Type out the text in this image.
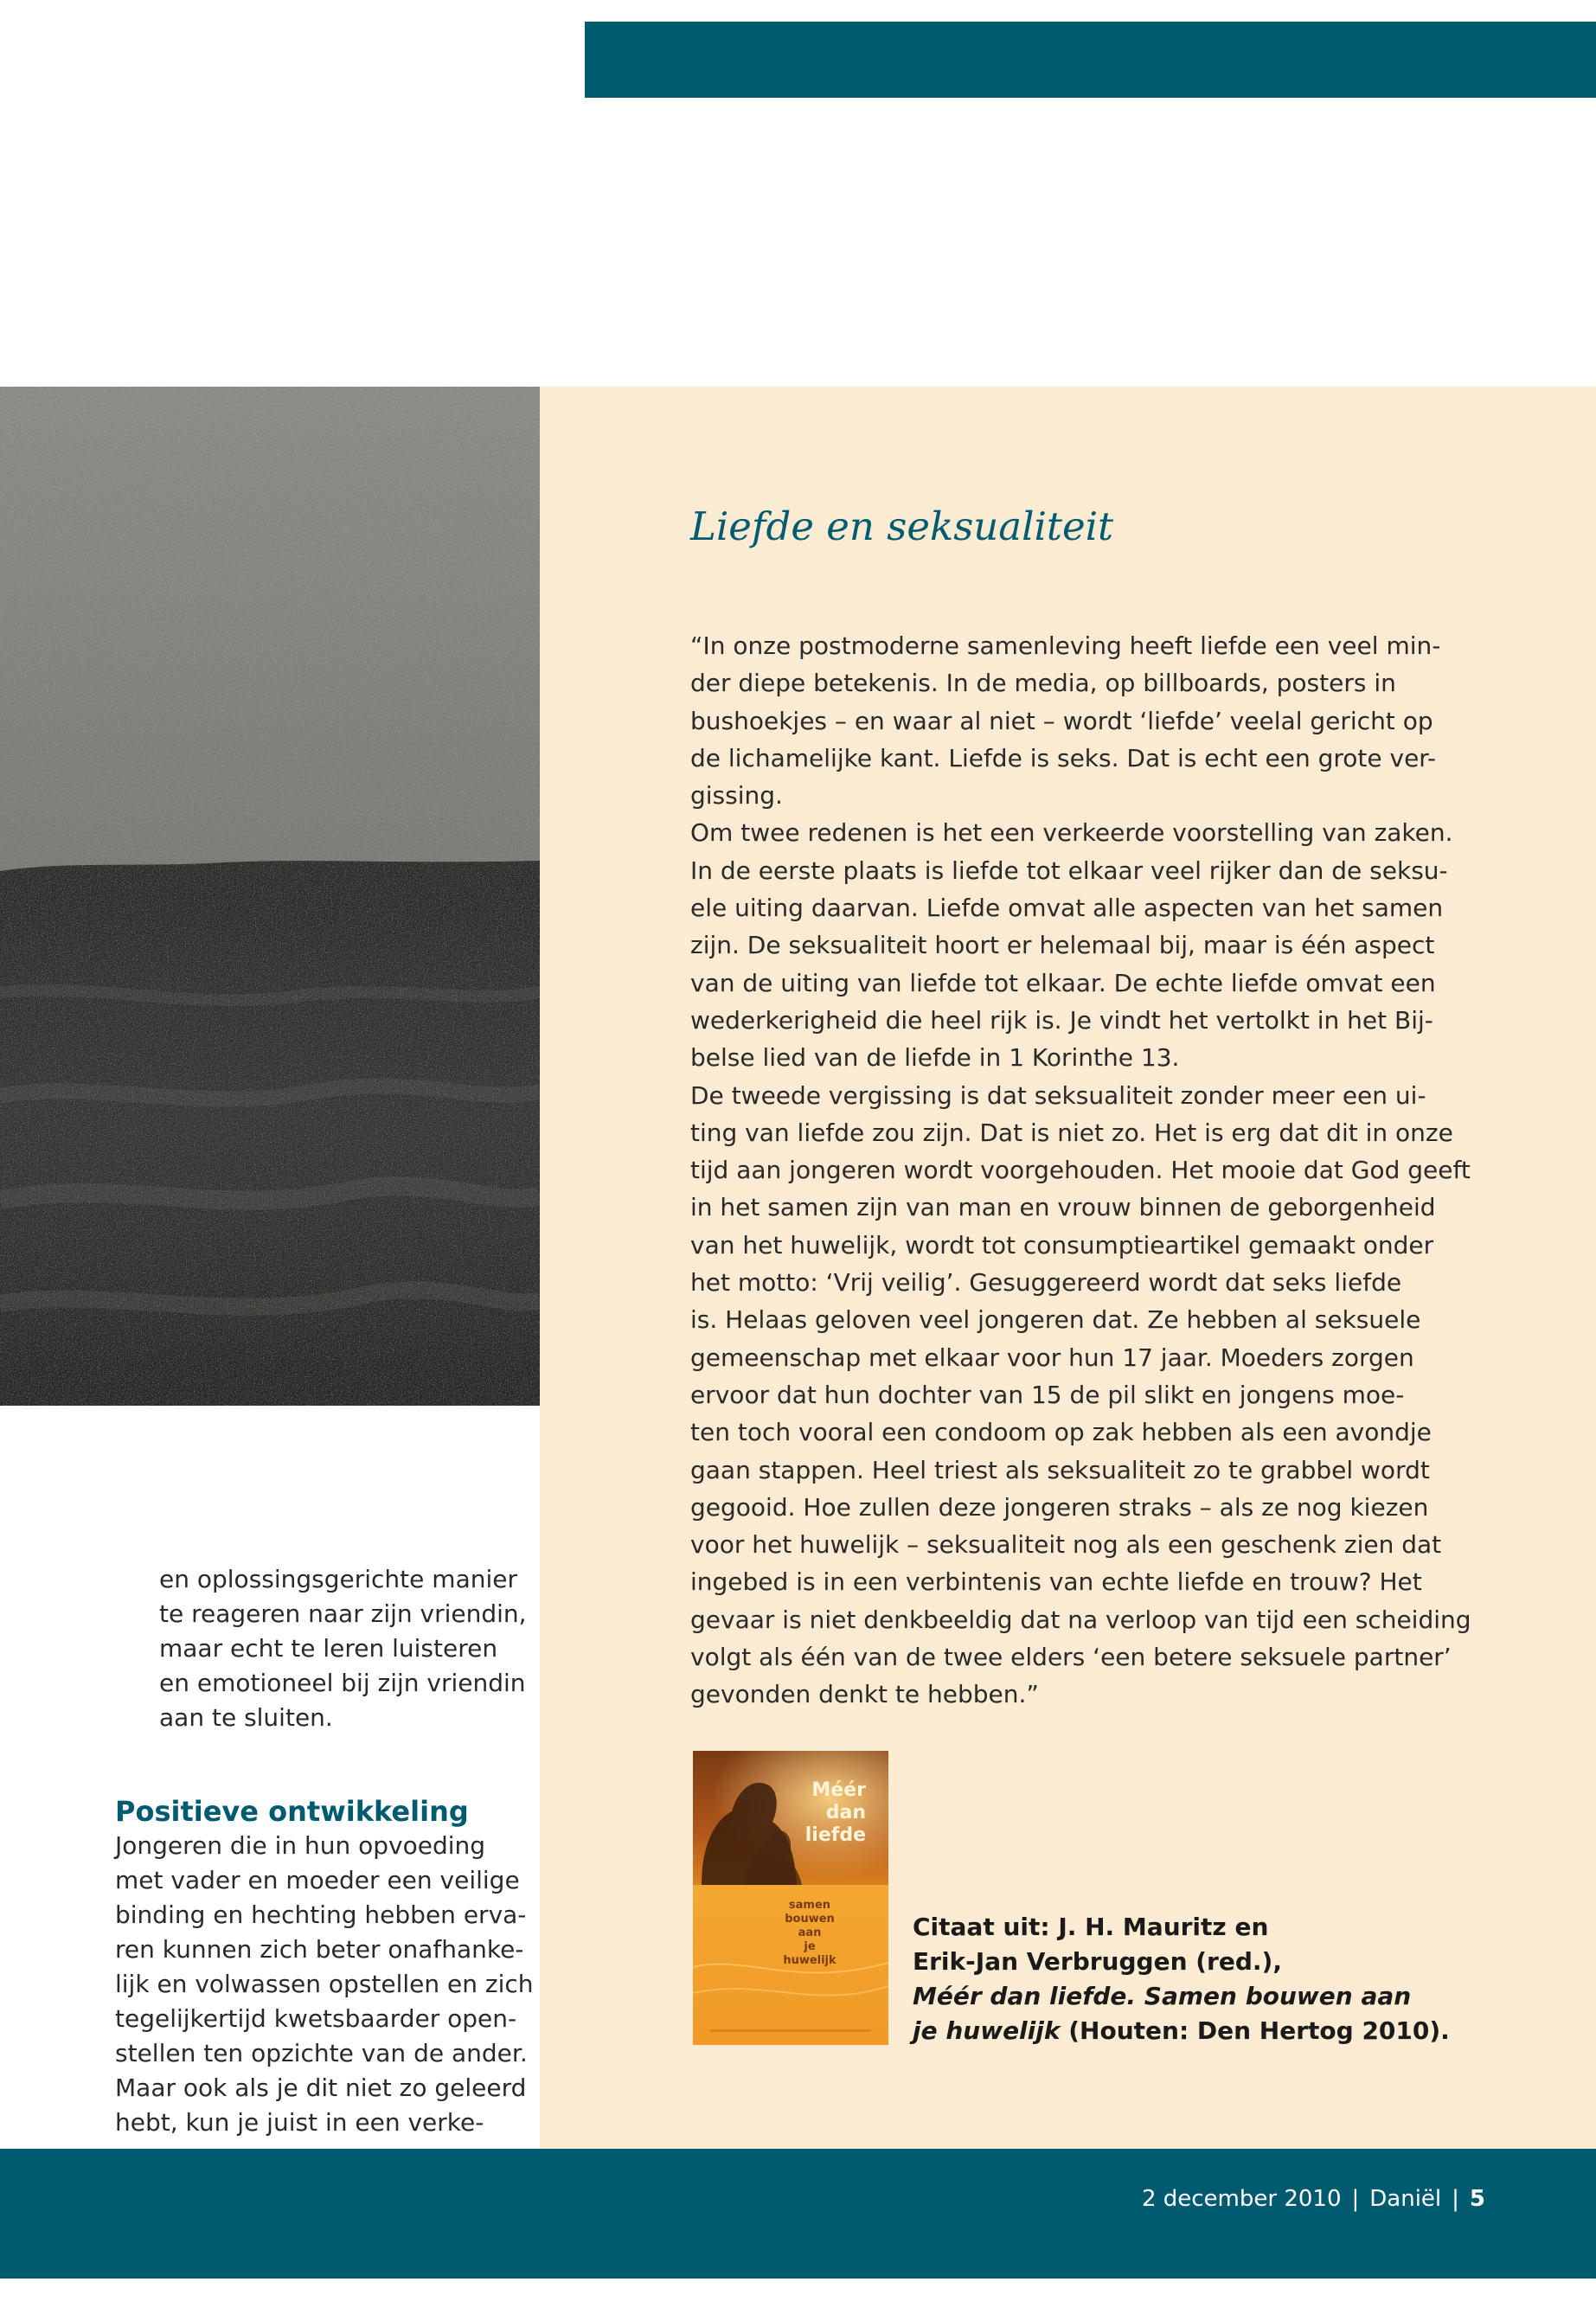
Liefde en seksualiteit
“In onze postmoderne samenleving heeft liefde een veel min-
der diepe betekenis. In de media, op billboards, posters in
bushoekjes – en waar al niet – wordt ‘liefde’ veelal gericht op
de lichamelijke kant. Liefde is seks. Dat is echt een grote ver-
gissing.
Om twee redenen is het een verkeerde voorstelling van zaken.
In de eerste plaats is liefde tot elkaar veel rijker dan de seksu-
ele uiting daarvan. Liefde omvat alle aspecten van het samen
zijn. De seksualiteit hoort er helemaal bij, maar is één aspect
van de uiting van liefde tot elkaar. De echte liefde omvat een
wederkerigheid die heel rijk is. Je vindt het vertolkt in het Bij-
belse lied van de liefde in 1 Korinthe 13.
De tweede vergissing is dat seksualiteit zonder meer een ui-
ting van liefde zou zijn. Dat is niet zo. Het is erg dat dit in onze
tijd aan jongeren wordt voorgehouden. Het mooie dat God geeft
in het samen zijn van man en vrouw binnen de geborgenheid
van het huwelijk, wordt tot consumptieartikel gemaakt onder
het motto: ‘Vrij veilig’. Gesuggereerd wordt dat seks liefde
is. Helaas geloven veel jongeren dat. Ze hebben al seksuele
gemeenschap met elkaar voor hun 17 jaar. Moeders zorgen
ervoor dat hun dochter van 15 de pil slikt en jongens moe-
ten toch vooral een condoom op zak hebben als een avondje
gaan stappen. Heel triest als seksualiteit zo te grabbel wordt
gegooid. Hoe zullen deze jongeren straks – als ze nog kiezen
voor het huwelijk – seksualiteit nog als een geschenk zien dat
ingebed is in een verbintenis van echte liefde en trouw? Het
gevaar is niet denkbeeldig dat na verloop van tijd een scheiding
volgt als één van de twee elders ‘een betere seksuele partner’
gevonden denkt te hebben.”
en oplossingsgerichte manier
te reageren naar zijn vriendin,
maar echt te leren luisteren
en emotioneel bij zijn vriendin
aan te sluiten.
Positieve ontwikkeling
Jongeren die in hun opvoeding
met vader en moeder een veilige
binding en hechting hebben erva-
ren kunnen zich beter onafhanke-
lijk en volwassen opstellen en zich
tegelijkertijd kwetsbaarder open-
stellen ten opzichte van de ander.
Maar ook als je dit niet zo geleerd
hebt, kun je juist in een verke-
Méér
dan
liefde
samen
bouwen
aan
je
huwelijk
Citaat uit: J. H. Mauritz en
Erik-Jan Verbruggen (red.),
Méér dan liefde. Samen bouwen aan
je huwelijk (Houten: Den Hertog 2010).
2 december 2010 | Daniël | 5
